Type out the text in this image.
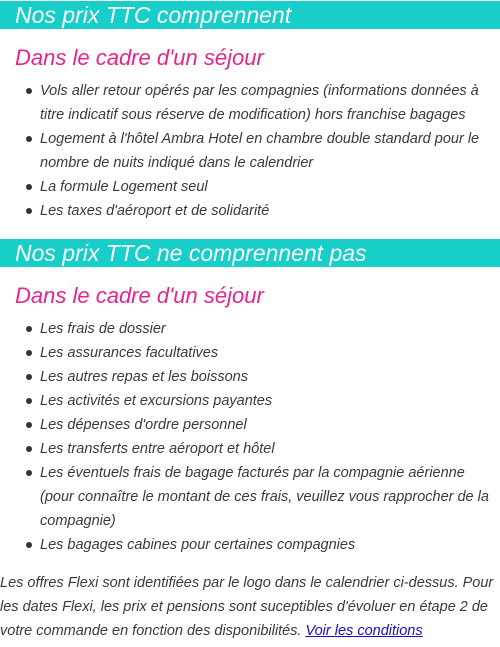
Nos prix TTC comprennent
Dans le cadre d'un séjour
Vols aller retour opérés par les compagnies (informations données à titre indicatif sous réserve de modification) hors franchise bagages
Logement à l'hôtel Ambra Hotel en chambre double standard pour le nombre de nuits indiqué dans le calendrier
La formule Logement seul
Les taxes d'aéroport et de solidarité
Nos prix TTC ne comprennent pas
Dans le cadre d'un séjour
Les frais de dossier
Les assurances facultatives
Les autres repas et les boissons
Les activités et excursions payantes
Les dépenses d'ordre personnel
Les transferts entre aéroport et hôtel
Les éventuels frais de bagage facturés par la compagnie aérienne (pour connaître le montant de ces frais, veuillez vous rapprocher de la compagnie)
Les bagages cabines pour certaines compagnies
Les offres Flexi sont identifiées par le logo dans le calendrier ci-dessus. Pour les dates Flexi, les prix et pensions sont suceptibles d'évoluer en étape 2 de votre commande en fonction des disponibilités. Voir les conditions
